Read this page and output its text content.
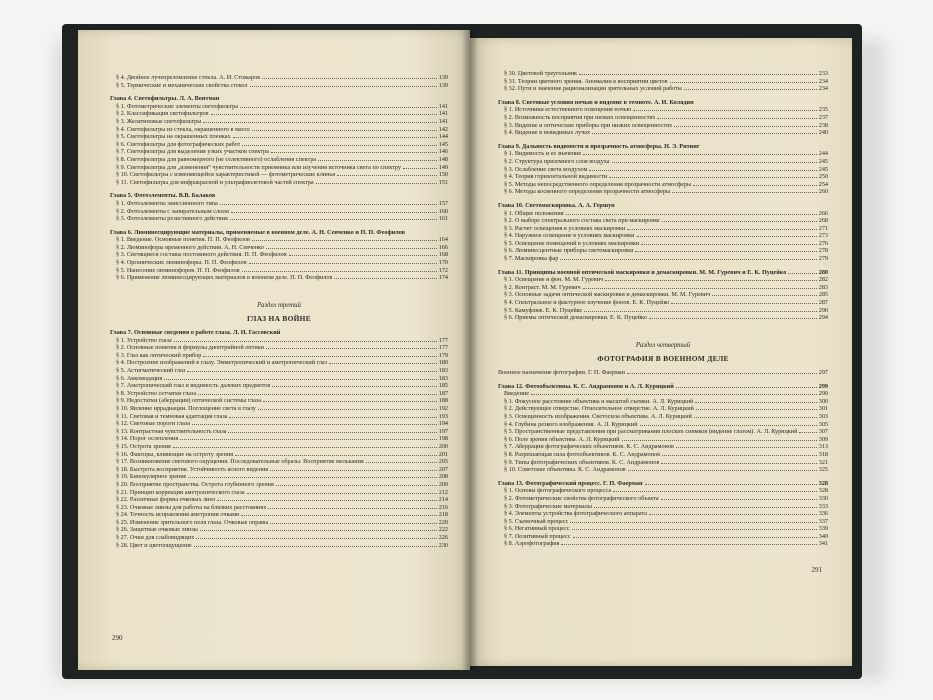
§ 4. Двойное лучепреломление стекла. А. И. Стожаров	139
§ 5. Термические и механические свойства стекол	139
Глава 4. Светофильтры. Л. А. Вонтман
§ 1. Фотометрические элементы светофильтра	141
§ 2. Классификация светофильтров	141
§ 3. Желатиновые светофильтры	141
§ 4. Светофильтры из стекла, окрашенного в массе	142
§ 5. Светофильтры на окрашенных пленках	144
§ 6. Светофильтры для фотографических работ	145
§ 7. Светофильтры для выделения узких участков спектра	146
§ 8. Светофильтры для равномерного (не селективного) ослабления спектра	148
§ 9. Светофильтры для „изменения“ чувствительности приемника или изучения источника света по спектру	149
§ 10. Светофильтры с изменяющейся характеристикой — фотометрические клинья	150
§ 11. Светофильтры для инфракрасной и ультрафиолетовой частей спектра	151
Глава 5. Фотоэлементы. В.В. Балаков
§ 1. Фотоэлементы эмиссионного типа	157
§ 2. Фотоэлементы с запирательным слоем	160
§ 3. Фотоэлементы резистивного действия	161
Глава 6. Люминесцирующие материалы, применяемые в военном деле. А. Н. Севченко и П. П. Феофилов
§ 1. Введение. Основные понятия. П. П. Феофилов	164
§ 2. Люминофоры временного действия. А. Н. Севченко	166
§ 3. Светящиеся составы постоянного действия. П. П. Феофилов	168
§ 4. Органические люминофоры. П. П. Феофилов	170
§ 5. Нанесение люминофоров. П. П. Феофилов	172
§ 6. Применение люминесцирующих материалов в военном деле. П. П. Феофилов	174
Раздел третий
ГЛАЗ НА ВОЙНЕ
Глава 7. Основные сведения о работе глаза. Л. Н. Гассовский
§ 1. Устройство глаза	177
§ 2. Основные понятия и формулы диоптрийной оптики	177
§ 3. Глаз как оптический прибор	179
§ 4. Построение изображений в глазу. Эмметропический и аметропический глаз	180
§ 5. Астигматический глаз	183
§ 6. Аккомодация	183
§ 7. Аметропический глаз и видимость далеких предметов	185
§ 8. Устройство сетчатки глаза	187
§ 9. Недостатки (аберрации) оптической системы глаза	188
§ 10. Явление иррадиации. Поглощение света в глазу	192
§ 11. Световая и темновая адаптация глаза	193
§ 12. Световые пороги глаза	194
§ 13. Контрастная чувствительность глаза	197
§ 14. Порог ослепления	198
§ 15. Острота зрения	200
§ 16. Факторы, влияющие на остроту зрения	201
§ 17. Возникновение светового ощущения. Последовательные образы. Восприятие мелькания	205
§ 18. Быстрота восприятия. Устойчивость ясного видения	207
§ 19. Бинокулярное зрение	208
§ 20. Восприятие пространства. Острота глубинного зрения	209
§ 21. Принцип коррекции аметропического глаза	212
§ 22. Различные формы очковых линз	214
§ 23. Очковые линзы для работы на близких расстояниях	216
§ 24. Точность исправления аметропии очками	218
§ 25. Изменение зрительного поля глаза. Очковые оправы	220
§ 26. Защитные очковые линзы	222
§ 27. Очки для слабовидящих	226
§ 28. Цвет и цветоощущение	230
290
§ 30. Цветовой треугольник	233
§ 31. Теории цветного зрения. Аномалии в восприятии цветов	234
§ 32. Пути и значение рационализации зрительных условий работы	234
Глава 8. Световые условия ночью и видение в темноте. А. И. Колядин
§ 1. Источники естественного освещения ночью	235
§ 2. Возможность восприятия при низких освещенностях	237
§ 3. Видение и оптические приборы при низких освещенностях	238
§ 4. Видение в невидимых лучах	240
Глава 9. Дальность видимости и прозрачность атмосферы. Н. Э. Ритинг
§ 1. Видимость и ее значение	244
§ 2. Структура приземного слоя воздуха	245
§ 3. Ослабление света воздухом	245
§ 4. Теория горизонтальной видимости	250
§ 5. Методы непосредственного определения прозрачности атмосферы	254
§ 6. Методы косвенного определения прозрачности атмосферы	260
Глава 10. Светомаскировка. А. А. Гершун
§ 1. Общие положения	266
§ 2. О выборе спектрального состава света при маскировке	268
§ 3. Расчет освещения в условиях маскировки	271
§ 4. Наружное освещение в условиях маскировки	273
§ 5. Освещение помещений в условиях маскировки	276
§ 6. Люминесцентные приборы светомаскировки	278
§ 7. Маскировка фар	279
Глава 11. Принципы военной оптической маскировки и демаскировки. М. М. Гуревич и Е. К. Пуцейко	280
§ 1. Освещение и фон. М. М. Гуревич	282
§ 2. Контраст. М. М. Гуревич	283
§ 3. Основные задачи оптической маскировки и демаскировки. М. М. Гуревич	285
§ 4. Спектральное и фактурное изучение фонов. Е. К. Пуцейко	287
§ 5. Камуфляж. Е. К. Пуцейко	290
§ 6. Приемы оптической демаскировки. Е. К. Пуцейко	294
Раздел четвертый
ФОТОГРАФИЯ В ВОЕННОМ ДЕЛЕ
Военное назначение фотографии. Г. П. Фаерман	297
Глава 12. Фотообъективы. К. С. Андрамонов и А. Л. Курицкий	299
Введение	299
§ 1. Фокусное расстояние объектива и масштаб съемки. А. Л. Курицкий	300
§ 2. Действующее отверстие. Относительное отверстие. А. Л. Курицкий	301
§ 3. Освещенность изображения. Светосила объектива. А. Л. Курицкий	303
§ 4. Глубина резкого изображения. А. Л. Курицкий	305
§ 5. Пространственные представления при рассматривании плоских снимков (видение глазом). А. Л. Курицкий	307
§ 6. Поле зрения объектива. А. Л. Курицкий	309
§ 7. Аберрации фотографических объективов. К. С. Андрамонов	313
§ 8. Разрешающая сила фотообъективов. К. С. Андрамонов	318
§ 9. Типы фотографических объективов. К. С. Андрамонов	321
§ 10. Советские объективы. К. С. Андрамонов	325
Глава 13. Фотографический процесс. Г. П. Фаерман	328
§ 1. Основы фотографического процесса	328
§ 2. Фотометрические свойства фотографического объекта	330
§ 3. Фотографические материалы	333
§ 4. Элементы устройства фотографического аппарата	336
§ 5. Съемочный процесс	337
§ 6. Негативный процесс	339
§ 7. Позитивный процесс	340
§ 8. Аэрофотография	341
291
